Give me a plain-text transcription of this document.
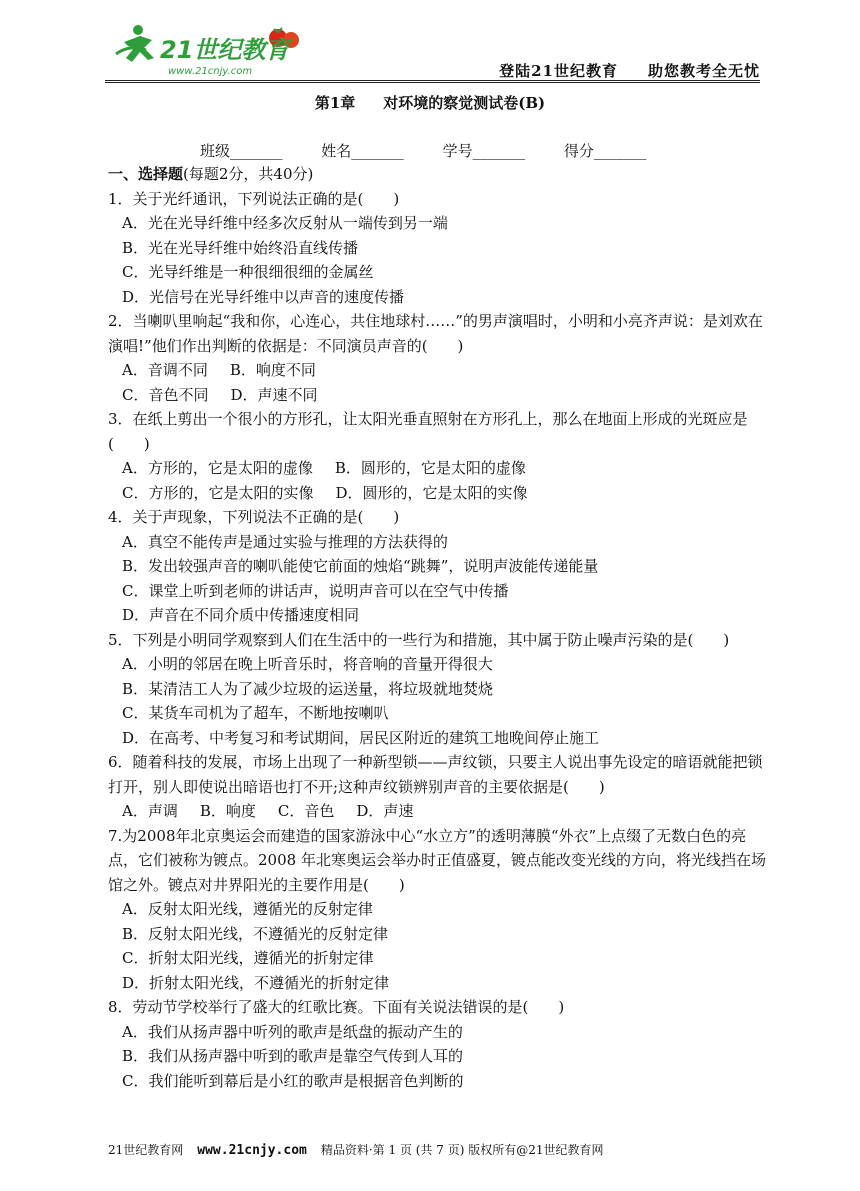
21世纪教育
www.21cnjy.com	登陆21世纪教育 助您教考全无忧
第1章 对环境的察觉测试卷(B)
班级_______	姓名_______	学号_______	得分_______

一、选择题(每题2分，共40分)

1．关于光纤通讯，下列说法正确的是(　　)

A．光在光导纤维中经多次反射从一端传到另一端

B．光在光导纤维中始终沿直线传播

C．光导纤维是一种很细很细的金属丝

D．光信号在光导纤维中以声音的速度传播

2．当喇叭里响起“我和你，心连心，共住地球村……”的男声演唱时，小明和小亮齐声说：是刘欢在演唱!”他们作出判断的依据是：不同演员声音的(　　)

A．音调不同 B．响度不同

C．音色不同 D．声速不同

3．在纸上剪出一个很小的方形孔，让太阳光垂直照射在方形孔上，那么在地面上形成的光斑应是(　　)

A．方形的，它是太阳的虚像 B．圆形的，它是太阳的虚像

C．方形的，它是太阳的实像 D．圆形的，它是太阳的实像

4．关于声现象，下列说法不正确的是(　　)

A．真空不能传声是通过实验与推理的方法获得的

B．发出较强声音的喇叭能使它前面的烛焰“跳舞”，说明声波能传递能量

C．课堂上听到老师的讲话声，说明声音可以在空气中传播

D．声音在不同介质中传播速度相同

5．下列是小明同学观察到人们在生活中的一些行为和措施，其中属于防止噪声污染的是(　　)

A．小明的邻居在晚上听音乐时，将音响的音量开得很大

B．某清洁工人为了减少垃圾的运送量，将垃圾就地焚烧

C．某货车司机为了超车，不断地按喇叭

D．在高考、中考复习和考试期间，居民区附近的建筑工地晚间停止施工

6．随着科技的发展，市场上出现了一种新型锁——声纹锁，只要主人说出事先设定的暗语就能把锁打开，别人即使说出暗语也打不开;这种声纹锁辨别声音的主要依据是(　　)

A．声调 B．响度 C．音色 D．声速

7.为2008年北京奥运会而建造的国家游泳中心“水立方”的透明薄膜“外衣”上点缀了无数白色的亮点，它们被称为镀点。2008 年北寒奥运会举办时正值盛夏，镀点能改变光线的方向，将光线挡在场馆之外。镀点对井界阳光的主要作用是(　　)

A．反射太阳光线，遵循光的反射定律

B．反射太阳光线，不遵循光的反射定律

C．折射太阳光线，遵循光的折射定律

D．折射太阳光线，不遵循光的折射定律

8．劳动节学校举行了盛大的红歌比赛。下面有关说法错误的是(　　)

A．我们从扬声器中听列的歌声是纸盘的振动产生的

B．我们从扬声器中听到的歌声是靠空气传到人耳的

C．我们能听到幕后是小红的歌声是根据音色判断的

21世纪教育网 www.21cnjy.com 精品资料·第 1 页 (共 7 页) 版权所有@21世纪教育网
